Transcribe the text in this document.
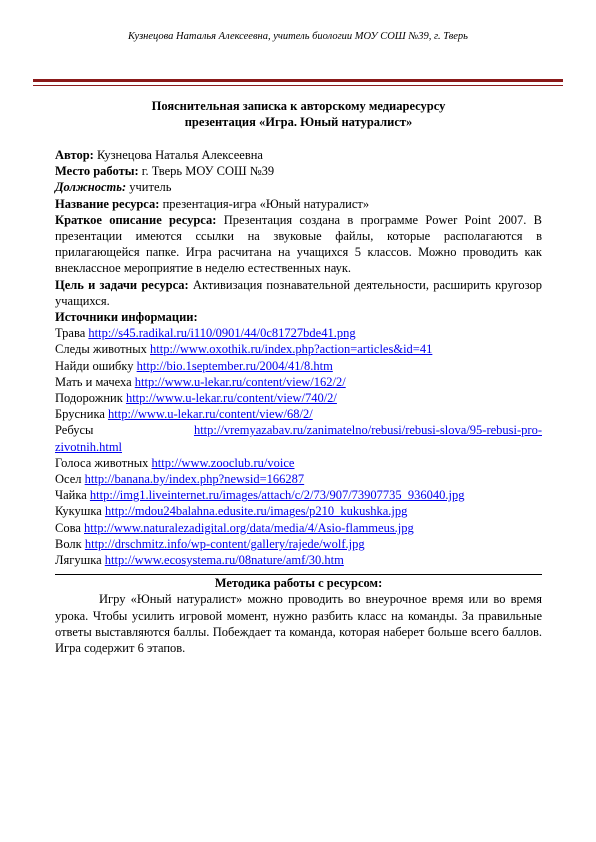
Кузнецова Наталья Алексеевна, учитель биологии МОУ СОШ №39, г. Тверь
Пояснительная записка к авторскому медиаресурсу
презентация «Игра. Юный натуралист»

Автор: Кузнецова Наталья Алексеевна

Место работы: г. Тверь МОУ СОШ №39

Должность: учитель

Название ресурса: презентация-игра «Юный натуралист»

Краткое описание ресурса: Презентация создана в программе Power Point 2007. В презентации имеются ссылки на звуковые файлы, которые располагаются в прилагающейся папке. Игра расчитана на учащихся 5 классов. Можно проводить как внеклассное мероприятие в неделю естественных наук.

Цель и задачи ресурса: Активизация познавательной деятельности, расширить кругозор учащихся.

Источники информации:

Трава http://s45.radikal.ru/i110/0901/44/0c81727bde41.png

Следы животных http://www.oxothik.ru/index.php?action=articles&id=41

Найди ошибку http://bio.1september.ru/2004/41/8.htm

Мать и мачеха http://www.u-lekar.ru/content/view/162/2/

Подорожник http://www.u-lekar.ru/content/view/740/2/

Брусника http://www.u-lekar.ru/content/view/68/2/

Ребусы	http://vremyazabav.ru/zanimatelno/rebusi/rebusi-slova/95-rebusi-pro-

zivotnih.html

Голоса животных http://www.zooclub.ru/voice

Осел http://banana.by/index.php?newsid=166287

Чайка http://img1.liveinternet.ru/images/attach/c/2/73/907/73907735_936040.jpg

Кукушка http://mdou24balahna.edusite.ru/images/p210_kukushka.jpg

Сова http://www.naturalezadigital.org/data/media/4/Asio-flammeus.jpg

Волк http://drschmitz.info/wp-content/gallery/rajede/wolf.jpg

Лягушка http://www.ecosystema.ru/08nature/amf/30.htm

Методика работы с ресурсом:

Игру «Юный натуралист» можно проводить во внеурочное время или во время урока. Чтобы усилить игровой момент, нужно разбить класс на команды. За правильные ответы выставляются баллы. Побеждает та команда, которая наберет больше всего баллов. Игра содержит 6 этапов.
